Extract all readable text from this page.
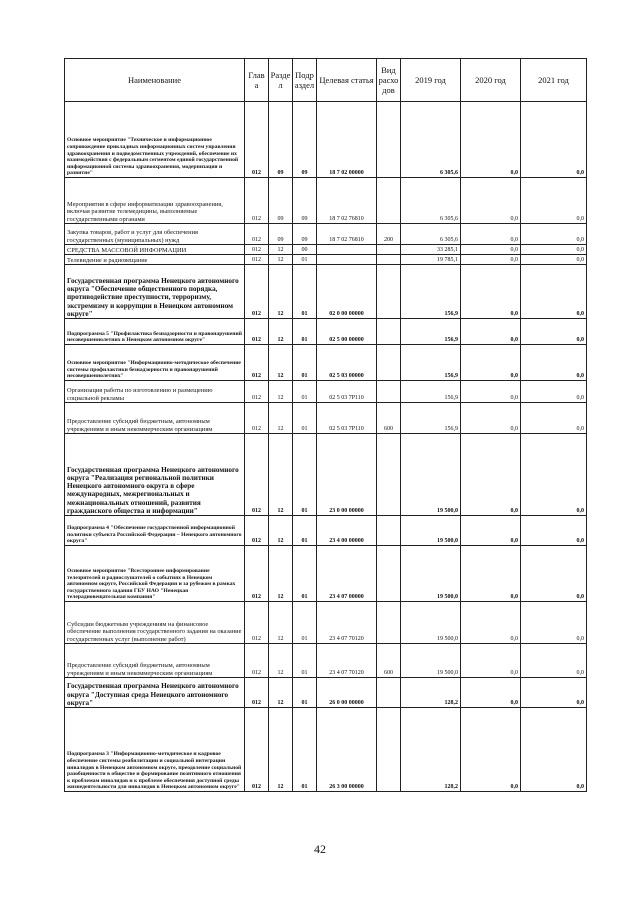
Наименование	Глав а	Разде л	Подр аздел	Целевая статья	Вид расхо дов	2019 год	2020 год	2021 год
Основное мероприятие "Техническое и информационное сопровождение прикладных информационных систем управления здравоохранения и подведомственных учреждений, обеспечение их взаимодействия с федеральным сегментом единой государственной информационной системы здравоохранения, модернизация и развитие"	012	09	09	18 7 02 00000		6 305,6	0,0	0,0
Мероприятия в сфере информатизации здравоохранения, включая развитие телемедицины, выполняемые государственными органами	012	09	09	18 7 02 76810		6 305,6	0,0	0,0
Закупка товаров, работ и услуг для обеспечения государственных (муниципальных) нужд	012	09	09	18 7 02 76810	200	6 305,6	0,0	0,0
СРЕДСТВА МАССОВОЙ ИНФОРМАЦИИ	012	12	00			33 285,1	0,0	0,0
Телевидение и радиовещание	012	12	01			19 785,1	0,0	0,0
Государственная программа Ненецкого автономного округа "Обеспечение общественного порядка, противодействие преступности, терроризму, экстремизму и коррупции в Ненецком автономном округе"	012	12	01	02 0 00 00000		156,9	0,0	0,0
Подпрограмма 5 "Профилактика безнадзорности и правонарушений несовершеннолетних в Ненецком автономном округе"	012	12	01	02 5 00 00000		156,9	0,0	0,0
Основное мероприятие "Информационно-методическое обеспечение системы профилактики безнадзорности и правонарушений несовершеннолетних"	012	12	01	02 5 03 00000		156,9	0,0	0,0
Организация работы по изготовлению и размещению социальной рекламы	012	12	01	02 5 03 7Р110		156,9	0,0	0,0
Предоставление субсидий бюджетным, автономным учреждениям и иным некоммерческим организациям	012	12	01	02 5 03 7Р110	600	156,9	0,0	0,0
Государственная программа Ненецкого автономного округа "Реализация региональной политики Ненецкого автономного округа в сфере международных, межрегиональных и межнациональных отношений, развития гражданского общества и информации"	012	12	01	23 0 00 00000		19 500,0	0,0	0,0
Подпрограмма 4 "Обеспечение государственной информационной политики субъекта Российской Федерации – Ненецкого автономного округа"	012	12	01	23 4 00 00000		19 500,0	0,0	0,0
Основное мероприятие "Всестороннее информирование телезрителей и радиослушателей о событиях в Ненецком автономном округе, Российской Федерации и за рубежом в рамках государственного задания ГБУ НАО "Ненецкая телерадиовещательная компания"	012	12	01	23 4 07 00000		19 500,0	0,0	0,0
Субсидии бюджетным учреждениям на финансовое обеспечение выполнения государственного задания на оказание государственных услуг (выполнение работ)	012	12	01	23 4 07 70120		19 500,0	0,0	0,0
Предоставление субсидий бюджетным, автономным учреждениям и иным некоммерческим организациям	012	12	01	23 4 07 70120	600	19 500,0	0,0	0,0
Государственная программа Ненецкого автономного округа "Доступная среда Ненецкого автономного округа"	012	12	01	26 0 00 00000		128,2	0,0	0,0
Подпрограмма 3 "Информационно-методическое и кадровое обеспечение системы реабилитации и социальной интеграции инвалидов в Ненецком автономном округе, преодоление социальной разобщенности в обществе и формирование позитивного отношения к проблемам инвалидов и к проблеме обеспечения доступной среды жизнедеятельности для инвалидов в Ненецком автономном округе"	012	12	01	26 3 00 00000		128,2	0,0	0,0
42
